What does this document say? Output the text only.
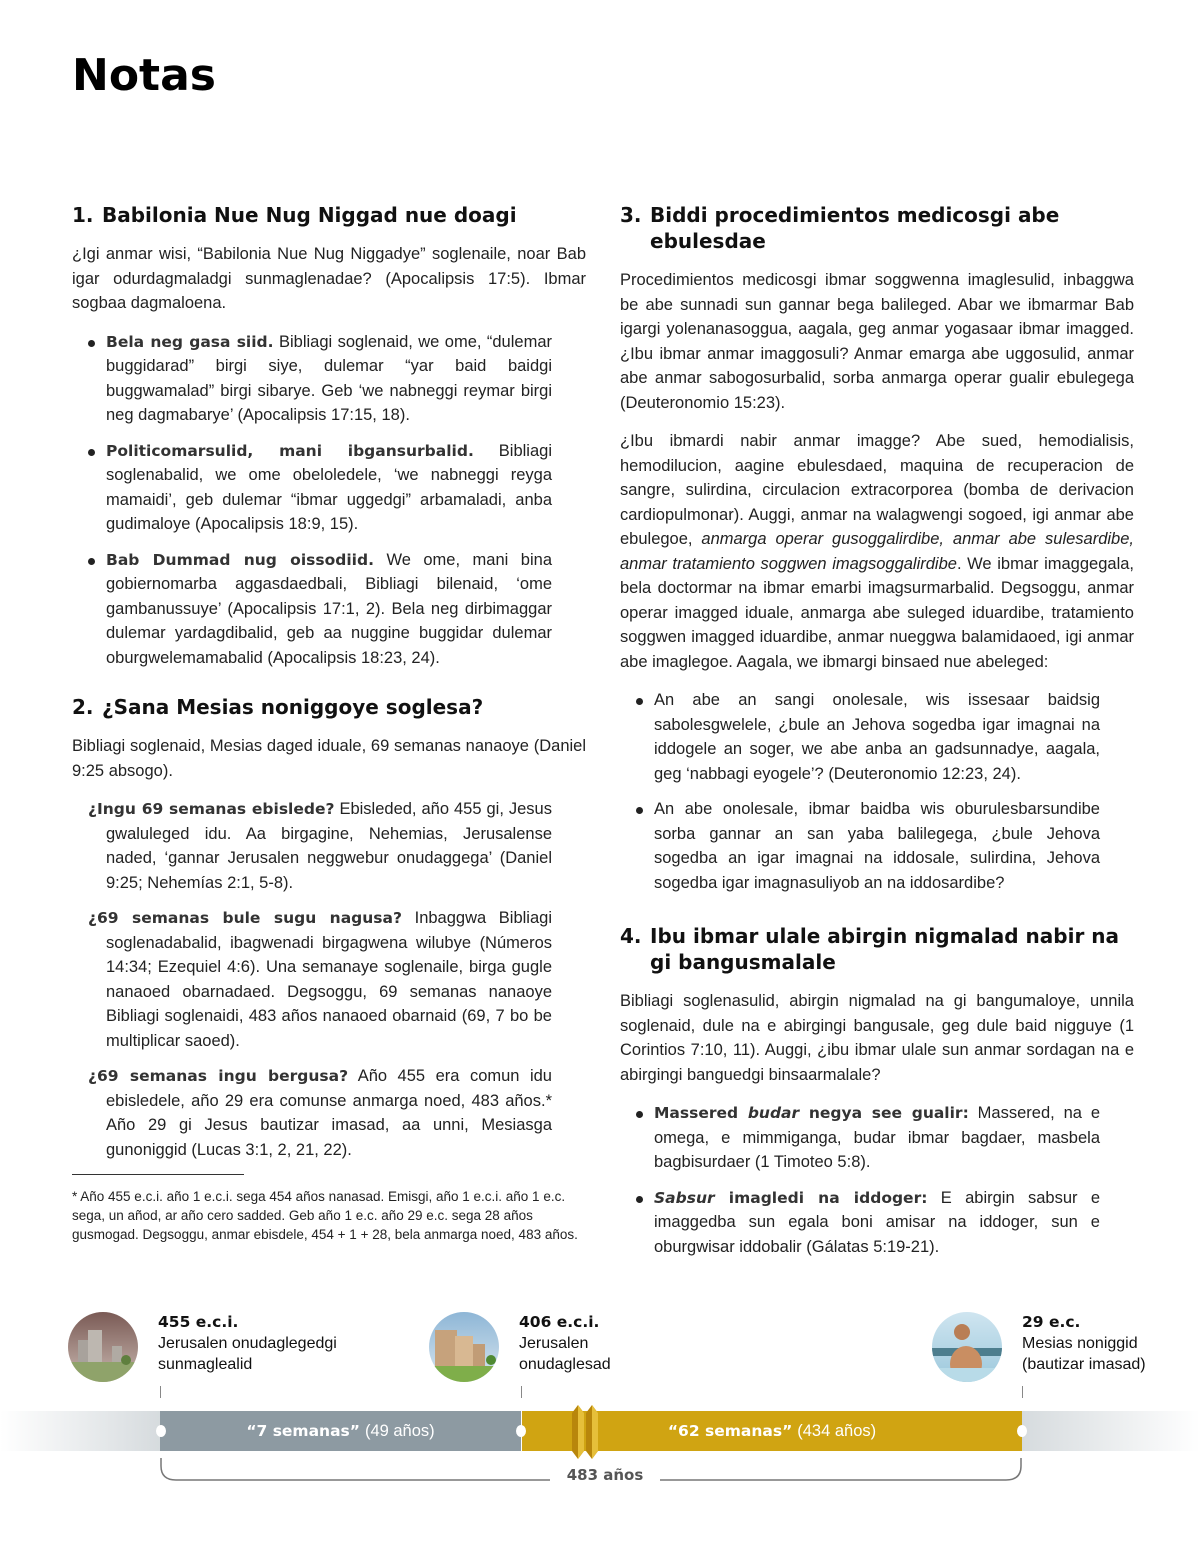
Notas
1. Babilonia Nue Nug Niggad nue doagi

¿Igi anmar wisi, “Babilonia Nue Nug Niggadye” soglenaile, noar Bab igar odurdagmaladgi sunmaglenadae? (Apocalipsis 17:5). Ibmar sogbaa dagmaloena.

Bela neg gasa siid. Bibliagi soglenaid, we ome, “dulemar buggidarad” birgi siye, dulemar “yar baid baidgi buggwamalad” birgi sibarye. Geb ‘we nabneggi reymar birgi neg dagmabarye’ (Apocalipsis 17:15, 18).
Politicomarsulid, mani ibgansurbalid. Bibliagi soglenabalid, we ome obeloledele, ‘we nabneggi reyga mamaidi’, geb dulemar “ibmar uggedgi” arbamaladi, anba gudimaloye (Apocalipsis 18:9, 15).
Bab Dummad nug oissodiid. We ome, mani bina gobiernomarba aggasdaedbali, Bibliagi bilenaid, ‘ome gambanussuye’ (Apocalipsis 17:1, 2). Bela neg dirbimaggar dulemar yardagdibalid, geb aa nuggine buggidar dulemar oburgwelemamabalid (Apocalipsis 18:23, 24).
2. ¿Sana Mesias noniggoye soglesa?

Bibliagi soglenaid, Mesias daged iduale, 69 semanas nanaoye (Daniel 9:25 absogo).

¿Ingu 69 semanas ebislede? Ebisleded, año 455 gi, Jesus gwaluleged idu. Aa birgagine, Nehemias, Jerusalense naded, ‘gannar Jerusalen neggwebur onudaggega’ (Daniel 9:25; Nehemías 2:1, 5-8).

¿69 semanas bule sugu nagusa? Inbaggwa Bibliagi soglenadabalid, ibagwenadi birgagwena wilubye (Números 14:34; Ezequiel 4:6). Una semanaye soglenaile, birga gugle nanaoed obarnadaed. Degsoggu, 69 semanas nanaoye Bibliagi soglenaidi, 483 años nanaoed obarnaid (69, 7 bo be multiplicar saoed).

¿69 semanas ingu bergusa? Año 455 era comun idu ebisledele, año 29 era comunse anmarga noed, 483 años.* Año 29 gi Jesus bautizar imasad, aa unni, Mesiasga gunoniggid (Lucas 3:1, 2, 21, 22).

* Año 455 e.c.i. año 1 e.c.i. sega 454 años nanasad. Emisgi, año 1 e.c.i. año 1 e.c. sega, un añod, ar año cero sadded. Geb año 1 e.c. año 29 e.c. sega 28 años gusmogad. Degsoggu, anmar ebisdele, 454 + 1 + 28, bela anmarga noed, 483 años.

3. Biddi procedimientos medicosgi abe ebulesdae

Procedimientos medicosgi ibmar soggwenna imaglesulid, inbaggwa be abe sunnadi sun gannar bega balileged. Abar we ibmarmar Bab igargi yolenanasoggua, aagala, geg anmar yogasaar ibmar imagged. ¿Ibu ibmar anmar imaggosuli? Anmar emarga abe uggosulid, anmar abe anmar sabogosurbalid, sorba anmarga operar gualir ebulegega (Deuteronomio 15:23).

¿Ibu ibmardi nabir anmar imagge? Abe sued, hemodialisis, hemodilucion, aagine ebulesdaed, maquina de recuperacion de sangre, sulirdina, circulacion extracorporea (bomba de derivacion cardiopulmonar). Auggi, anmar na walagwengi sogoed, igi anmar abe ebulegoe, anmarga operar gusoggalirdibe, anmar abe sulesardibe, anmar tratamiento soggwen imagsoggalirdibe. We ibmar imaggegala, bela doctormar na ibmar emarbi imagsurmarbalid. Degsoggu, anmar operar imagged iduale, anmarga abe suleged iduardibe, tratamiento soggwen imagged iduardibe, anmar nueggwa balamidaoed, igi anmar abe imaglegoe. Aagala, we ibmargi binsaed nue abeleged:

An abe an sangi onolesale, wis issesaar baidsig sabolesgwelele, ¿bule an Jehova sogedba igar imagnai na iddogele an soger, we abe anba an gadsunnadye, aagala, geg ‘nabbagi eyogele’? (Deuteronomio 12:23, 24).
An abe onolesale, ibmar baidba wis oburulesbarsundibe sorba gannar an san yaba balilegega, ¿bule Jehova sogedba an igar imagnai na iddosale, sulirdina, Jehova sogedba igar imagnasuliyob an na iddosardibe?
4. Ibu ibmar ulale abirgin nigmalad nabir na gi bangusmalale

Bibliagi soglenasulid, abirgin nigmalad na gi bangumaloye, unnila soglenaid, dule na e abirgingi bangusale, geg dule baid nigguye (1 Corintios 7:10, 11). Auggi, ¿ibu ibmar ulale sun anmar sordagan na e abirgingi banguedgi binsaarmalale?

Massered budar negya see gualir: Massered, na e omega, e mimmiganga, budar ibmar bagdaer, masbela bagbisurdaer (1 Timoteo 5:8).
Sabsur imagledi na iddoger: E abirgin sabsur e imaggedba sun egala boni amisar na iddoger, sun e oburgwisar iddobalir (Gálatas 5:19-21).
455 e.c.i.
Jerusalen onudaglegedgi
sunmaglealid
406 e.c.i.
Jerusalen
onudaglesad
29 e.c.
Mesias noniggid
(bautizar imasad)
“7 semanas” (49 años)	“62 semanas” (434 años)
483 años
